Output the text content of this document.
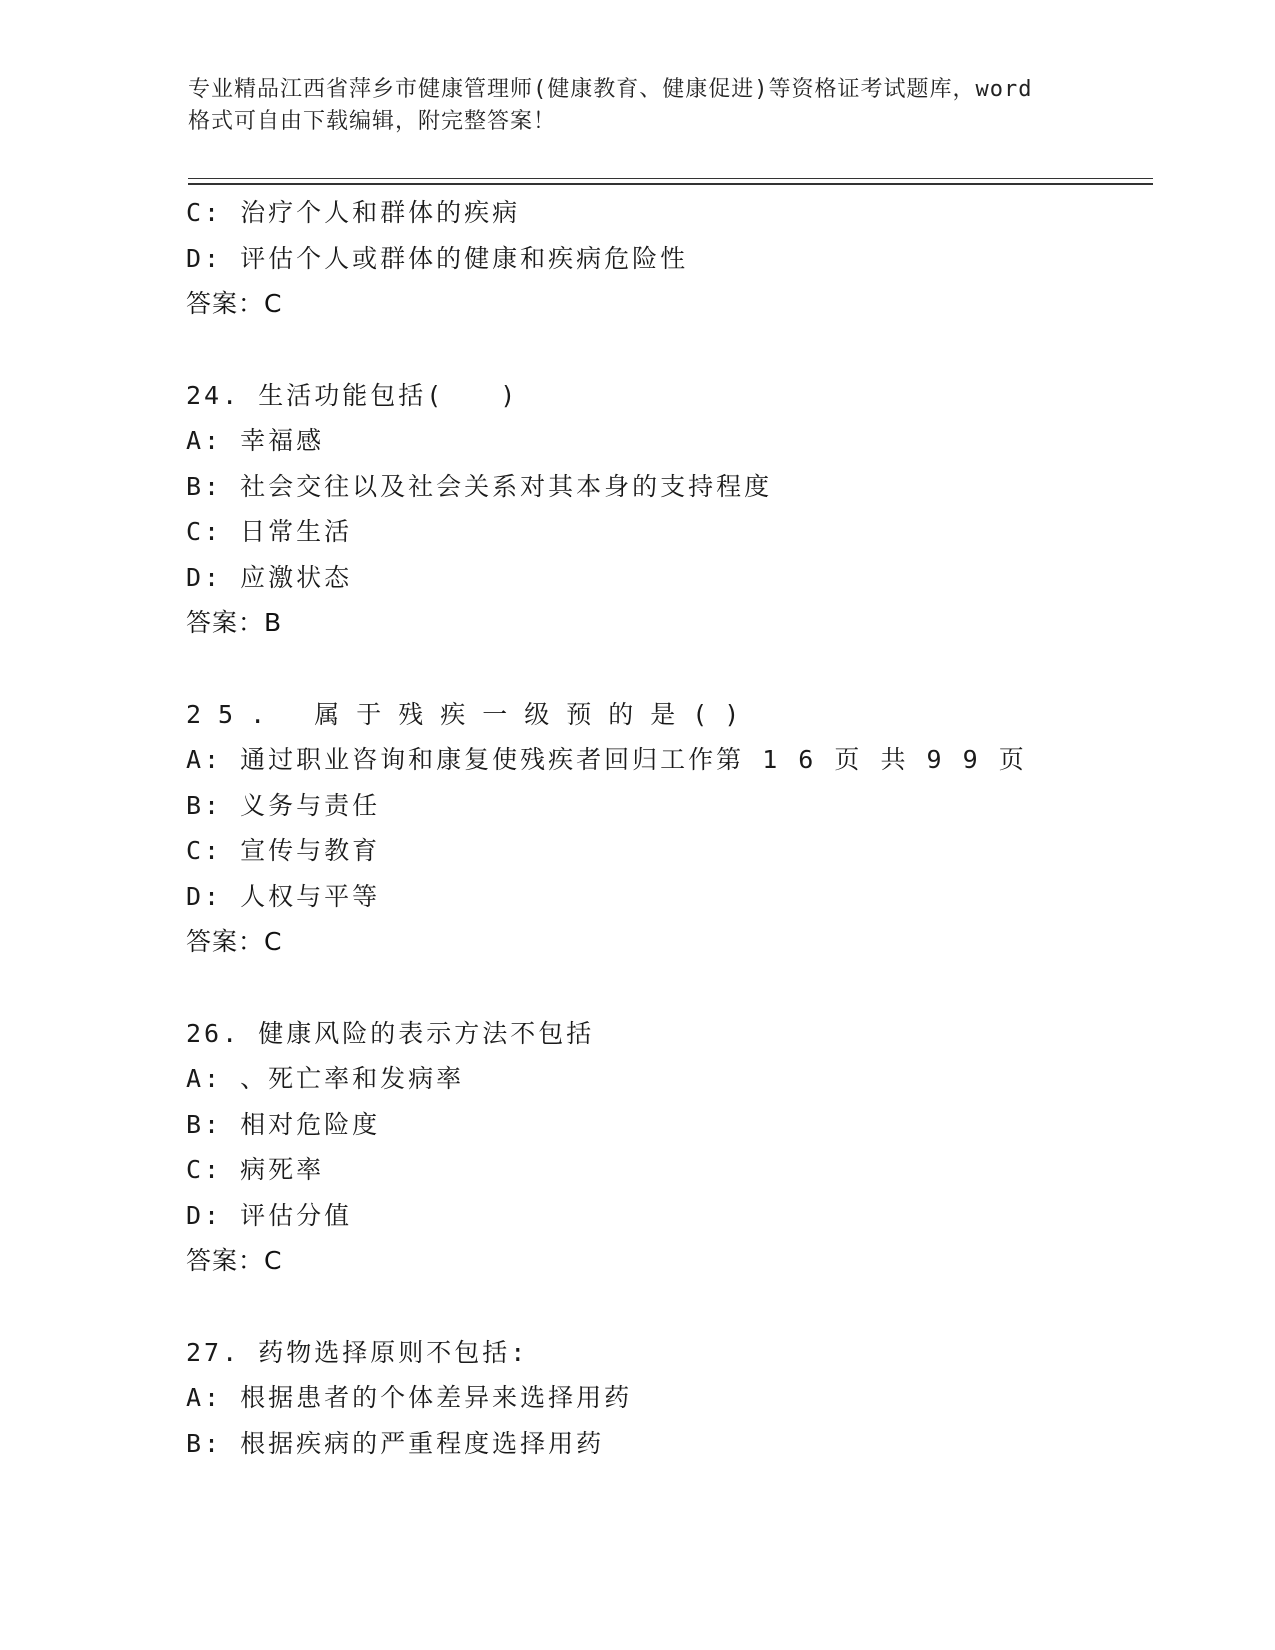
专业精品江西省萍乡市健康管理师(健康教育、健康促进)等资格证考试题库，word
格式可自由下载编辑，附完整答案！
C: 治疗个人和群体的疾病
D: 评估个人或群体的健康和疾病危险性
答案：C
24. 生活功能包括(　　)
A: 幸福感
B: 社会交往以及社会关系对其本身的支持程度
C: 日常生活
D: 应激状态
答案：B
25. 属于残疾一级预的是()
A: 通过职业咨询和康复使残疾者回归工作第 1 6 页 共 9 9 页
B: 义务与责任
C: 宣传与教育
D: 人权与平等
答案：C
26. 健康风险的表示方法不包括
A: 、死亡率和发病率
B: 相对危险度
C: 病死率
D: 评估分值
答案：C
27. 药物选择原则不包括:
A: 根据患者的个体差异来选择用药
B: 根据疾病的严重程度选择用药
